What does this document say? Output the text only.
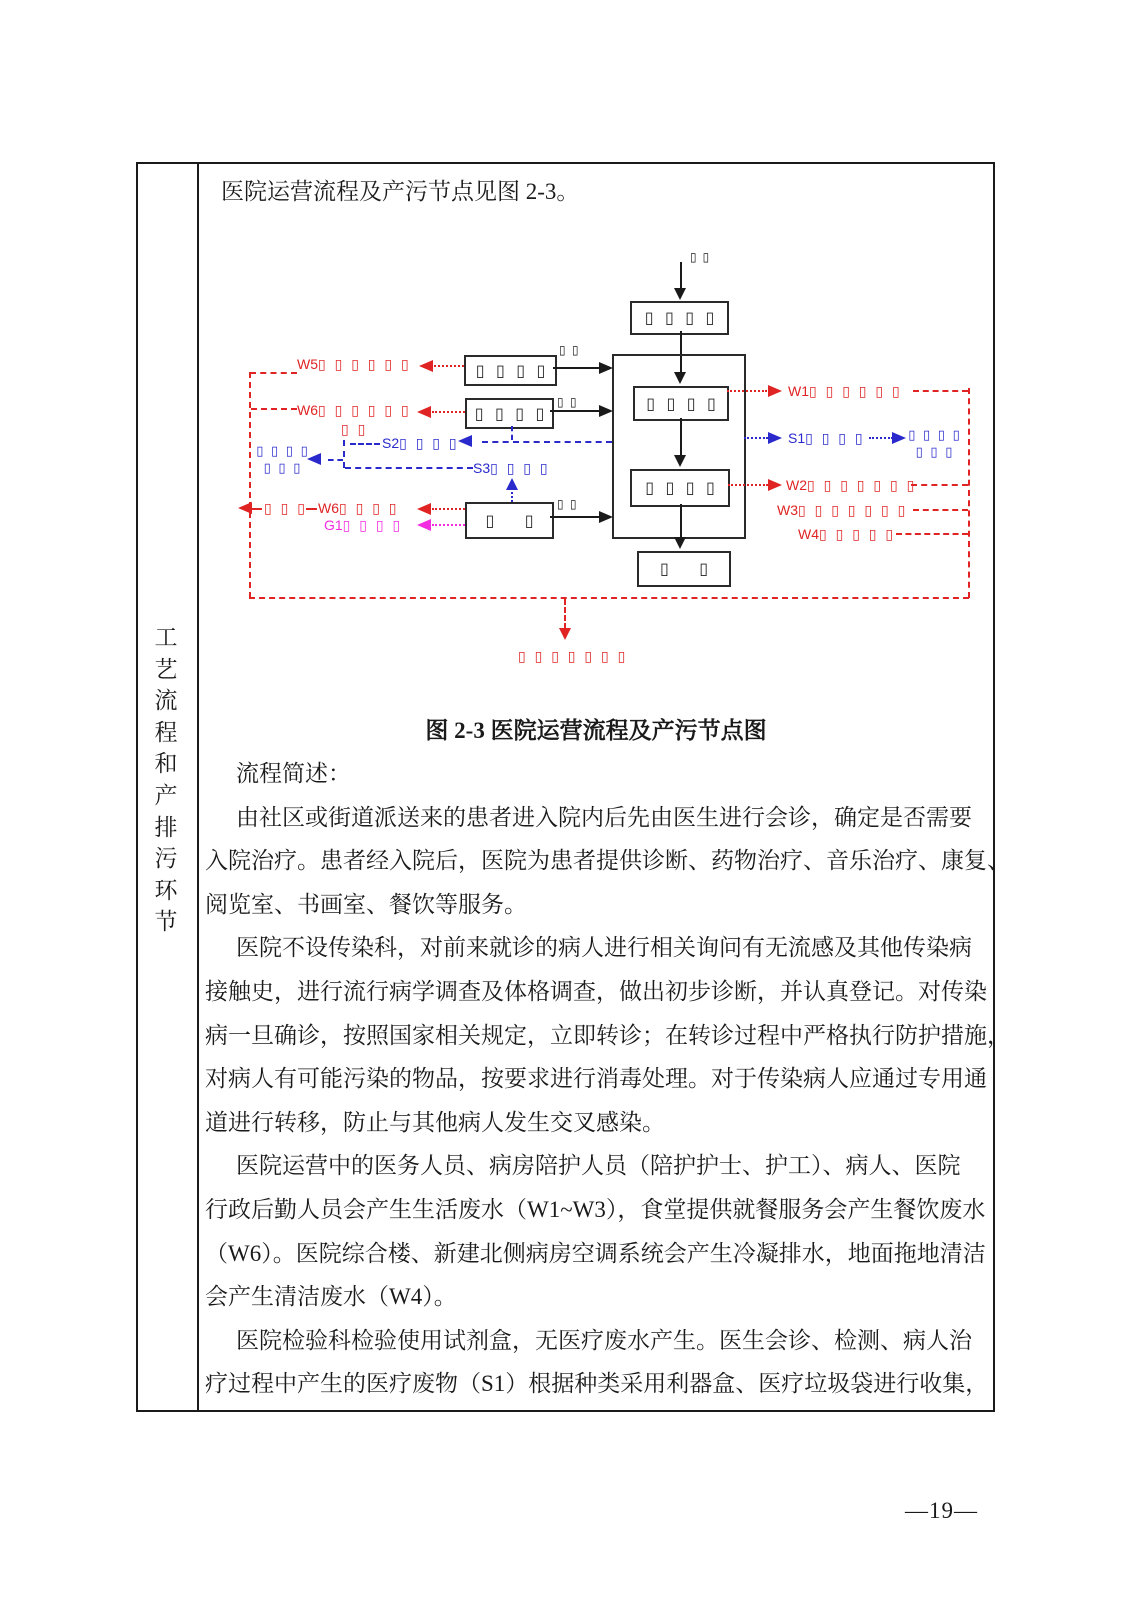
工艺流程和产排污环节
医院运营流程及产污节点见图 2-3。
▯ ▯
▯ ▯ ▯ ▯
▯ ▯ ▯ ▯
▯ ▯ ▯ ▯
▯ ▯
▯ ▯ ▯ ▯
▯ ▯ ▯ ▯
▯ ▯
▯ ▯
▯ ▯
▯ ▯
W5▯ ▯ ▯ ▯ ▯ ▯
W6▯ ▯ ▯ ▯ ▯ ▯
▯ ▯
S2▯ ▯ ▯ ▯
▯ ▯ ▯ ▯
▯ ▯ ▯	S3▯ ▯ ▯ ▯
▯ ▯ ▯ W6▯ ▯ ▯ ▯
G1▯ ▯ ▯ ▯
W1▯ ▯ ▯ ▯ ▯ ▯
S1▯ ▯ ▯ ▯	▯ ▯ ▯ ▯
▯ ▯ ▯
W2▯ ▯ ▯ ▯ ▯ ▯ ▯
W3▯ ▯ ▯ ▯ ▯ ▯ ▯
W4▯ ▯ ▯ ▯ ▯
▯ ▯ ▯ ▯ ▯ ▯ ▯
图 2-3 医院运营流程及产污节点图
流程简述：
由社区或街道派送来的患者进入院内后先由医生进行会诊，确定是否需要
入院治疗。患者经入院后，医院为患者提供诊断、药物治疗、音乐治疗、康复、
阅览室、书画室、餐饮等服务。
医院不设传染科，对前来就诊的病人进行相关询问有无流感及其他传染病
接触史，进行流行病学调查及体格调查，做出初步诊断，并认真登记。对传染
病一旦确诊，按照国家相关规定，立即转诊；在转诊过程中严格执行防护措施，
对病人有可能污染的物品，按要求进行消毒处理。对于传染病人应通过专用通
道进行转移，防止与其他病人发生交叉感染。
医院运营中的医务人员、病房陪护人员（陪护护士、护工）、病人、医院
行政后勤人员会产生生活废水（W1~W3），食堂提供就餐服务会产生餐饮废水
（W6）。医院综合楼、新建北侧病房空调系统会产生冷凝排水，地面拖地清洁
会产生清洁废水（W4）。
医院检验科检验使用试剂盒，无医疗废水产生。医生会诊、检测、病人治
疗过程中产生的医疗废物（S1）根据种类采用利器盒、医疗垃圾袋进行收集，
—19—
